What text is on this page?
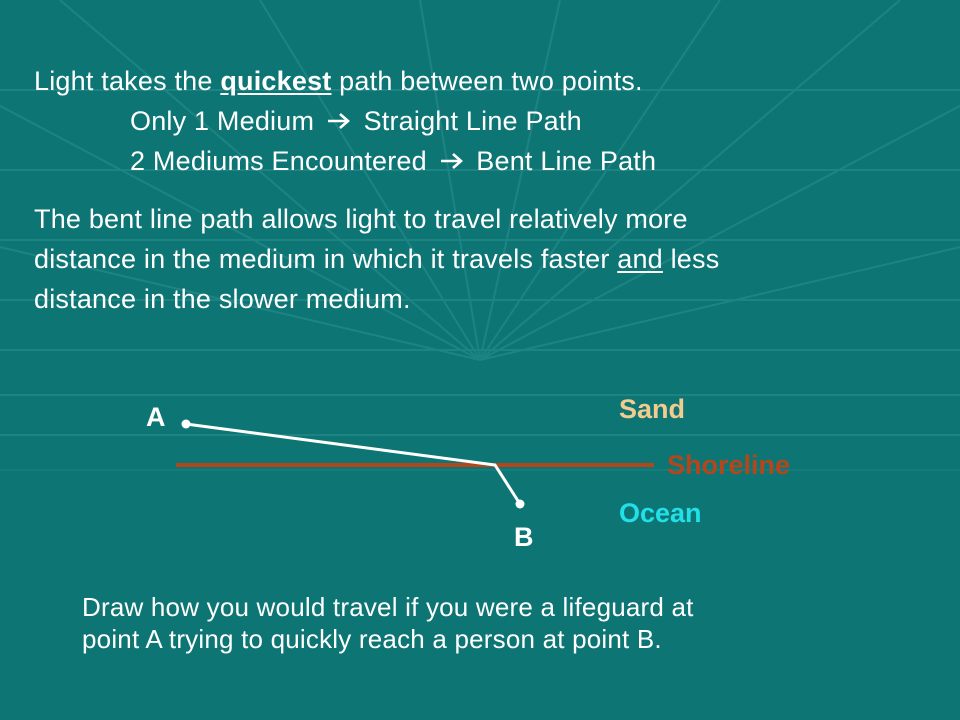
Light takes the quickest path between two points.
Only 1 Medium Straight Line Path
2 Mediums Encountered Bent Line Path
The bent line path allows light to travel relatively more
distance in the medium in which it travels faster and less
distance in the slower medium.
A
B
Sand
Shoreline
Ocean
Draw how you would travel if you were a lifeguard at
point A trying to quickly reach a person at point B.
